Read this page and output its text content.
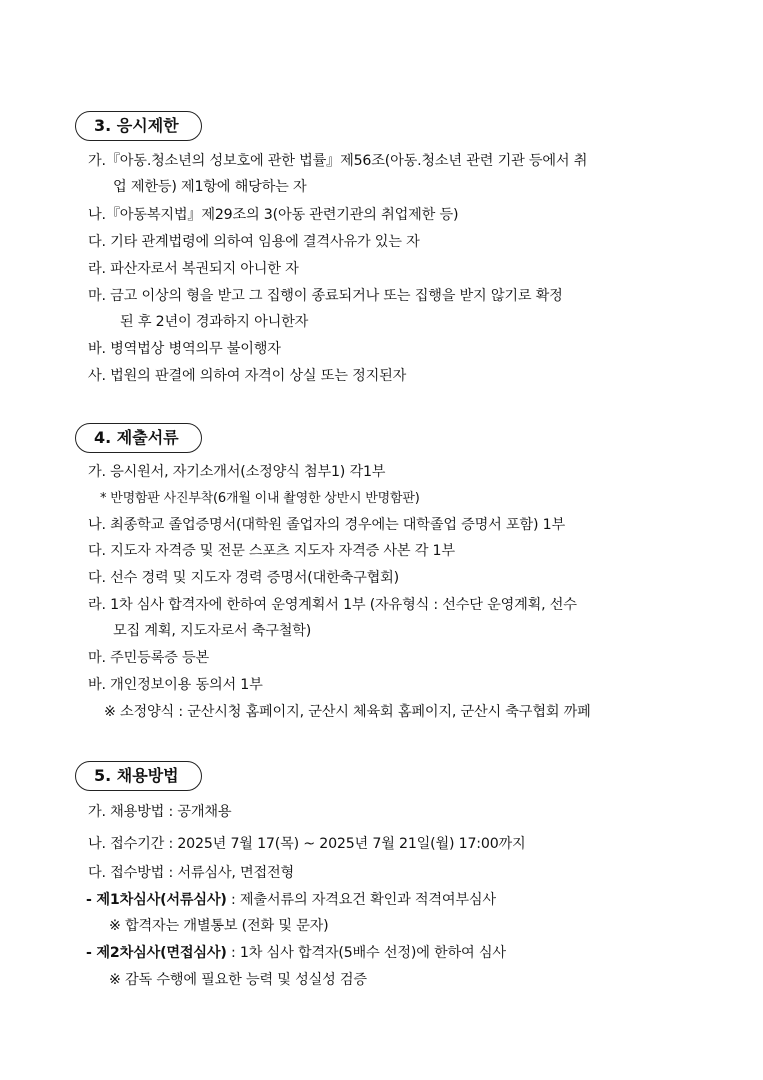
3. 응시제한
가.『아동.청소년의 성보호에 관한 법률』제56조(아동.청소년 관련 기관 등에서 취
업 제한등) 제1항에 해당하는 자
나.『아동복지법』제29조의 3(아동 관련기관의 취업제한 등)
다. 기타 관계법령에 의하여 임용에 결격사유가 있는 자
라. 파산자로서 복권되지 아니한 자
마. 금고 이상의 형을 받고 그 집행이 종료되거나 또는 집행을 받지 않기로 확정
된 후 2년이 경과하지 아니한자
바. 병역법상 병역의무 불이행자
사. 법원의 판결에 의하여 자격이 상실 또는 정지된자
4. 제출서류
가. 응시원서, 자기소개서(소정양식 첨부1) 각1부
* 반명함판 사진부착(6개월 이내 촬영한 상반시 반명함판)
나. 최종학교 졸업증명서(대학원 졸업자의 경우에는 대학졸업 증명서 포함) 1부
다. 지도자 자격증 및 전문 스포츠 지도자 자격증 사본 각 1부
다. 선수 경력 및 지도자 경력 증명서(대한축구협회)
라. 1차 심사 합격자에 한하여 운영계획서 1부 (자유형식 : 선수단 운영계획, 선수
모집 계획, 지도자로서 축구철학)
마. 주민등록증 등본
바. 개인정보이용 동의서 1부
※ 소정양식 : 군산시청 홈페이지, 군산시 체육회 홈페이지, 군산시 축구협회 까페
5. 채용방법
가. 채용방법 : 공개채용
나. 접수기간 : 2025년 7월 17(목) ~ 2025년 7월 21일(월) 17:00까지
다. 접수방법 : 서류심사, 면접전형
- 제1차심사(서류심사) : 제출서류의 자격요건 확인과 적격여부심사
※ 합격자는 개별통보 (전화 및 문자)
- 제2차심사(면접심사) : 1차 심사 합격자(5배수 선정)에 한하여 심사
※ 감독 수행에 필요한 능력 및 성실성 검증
